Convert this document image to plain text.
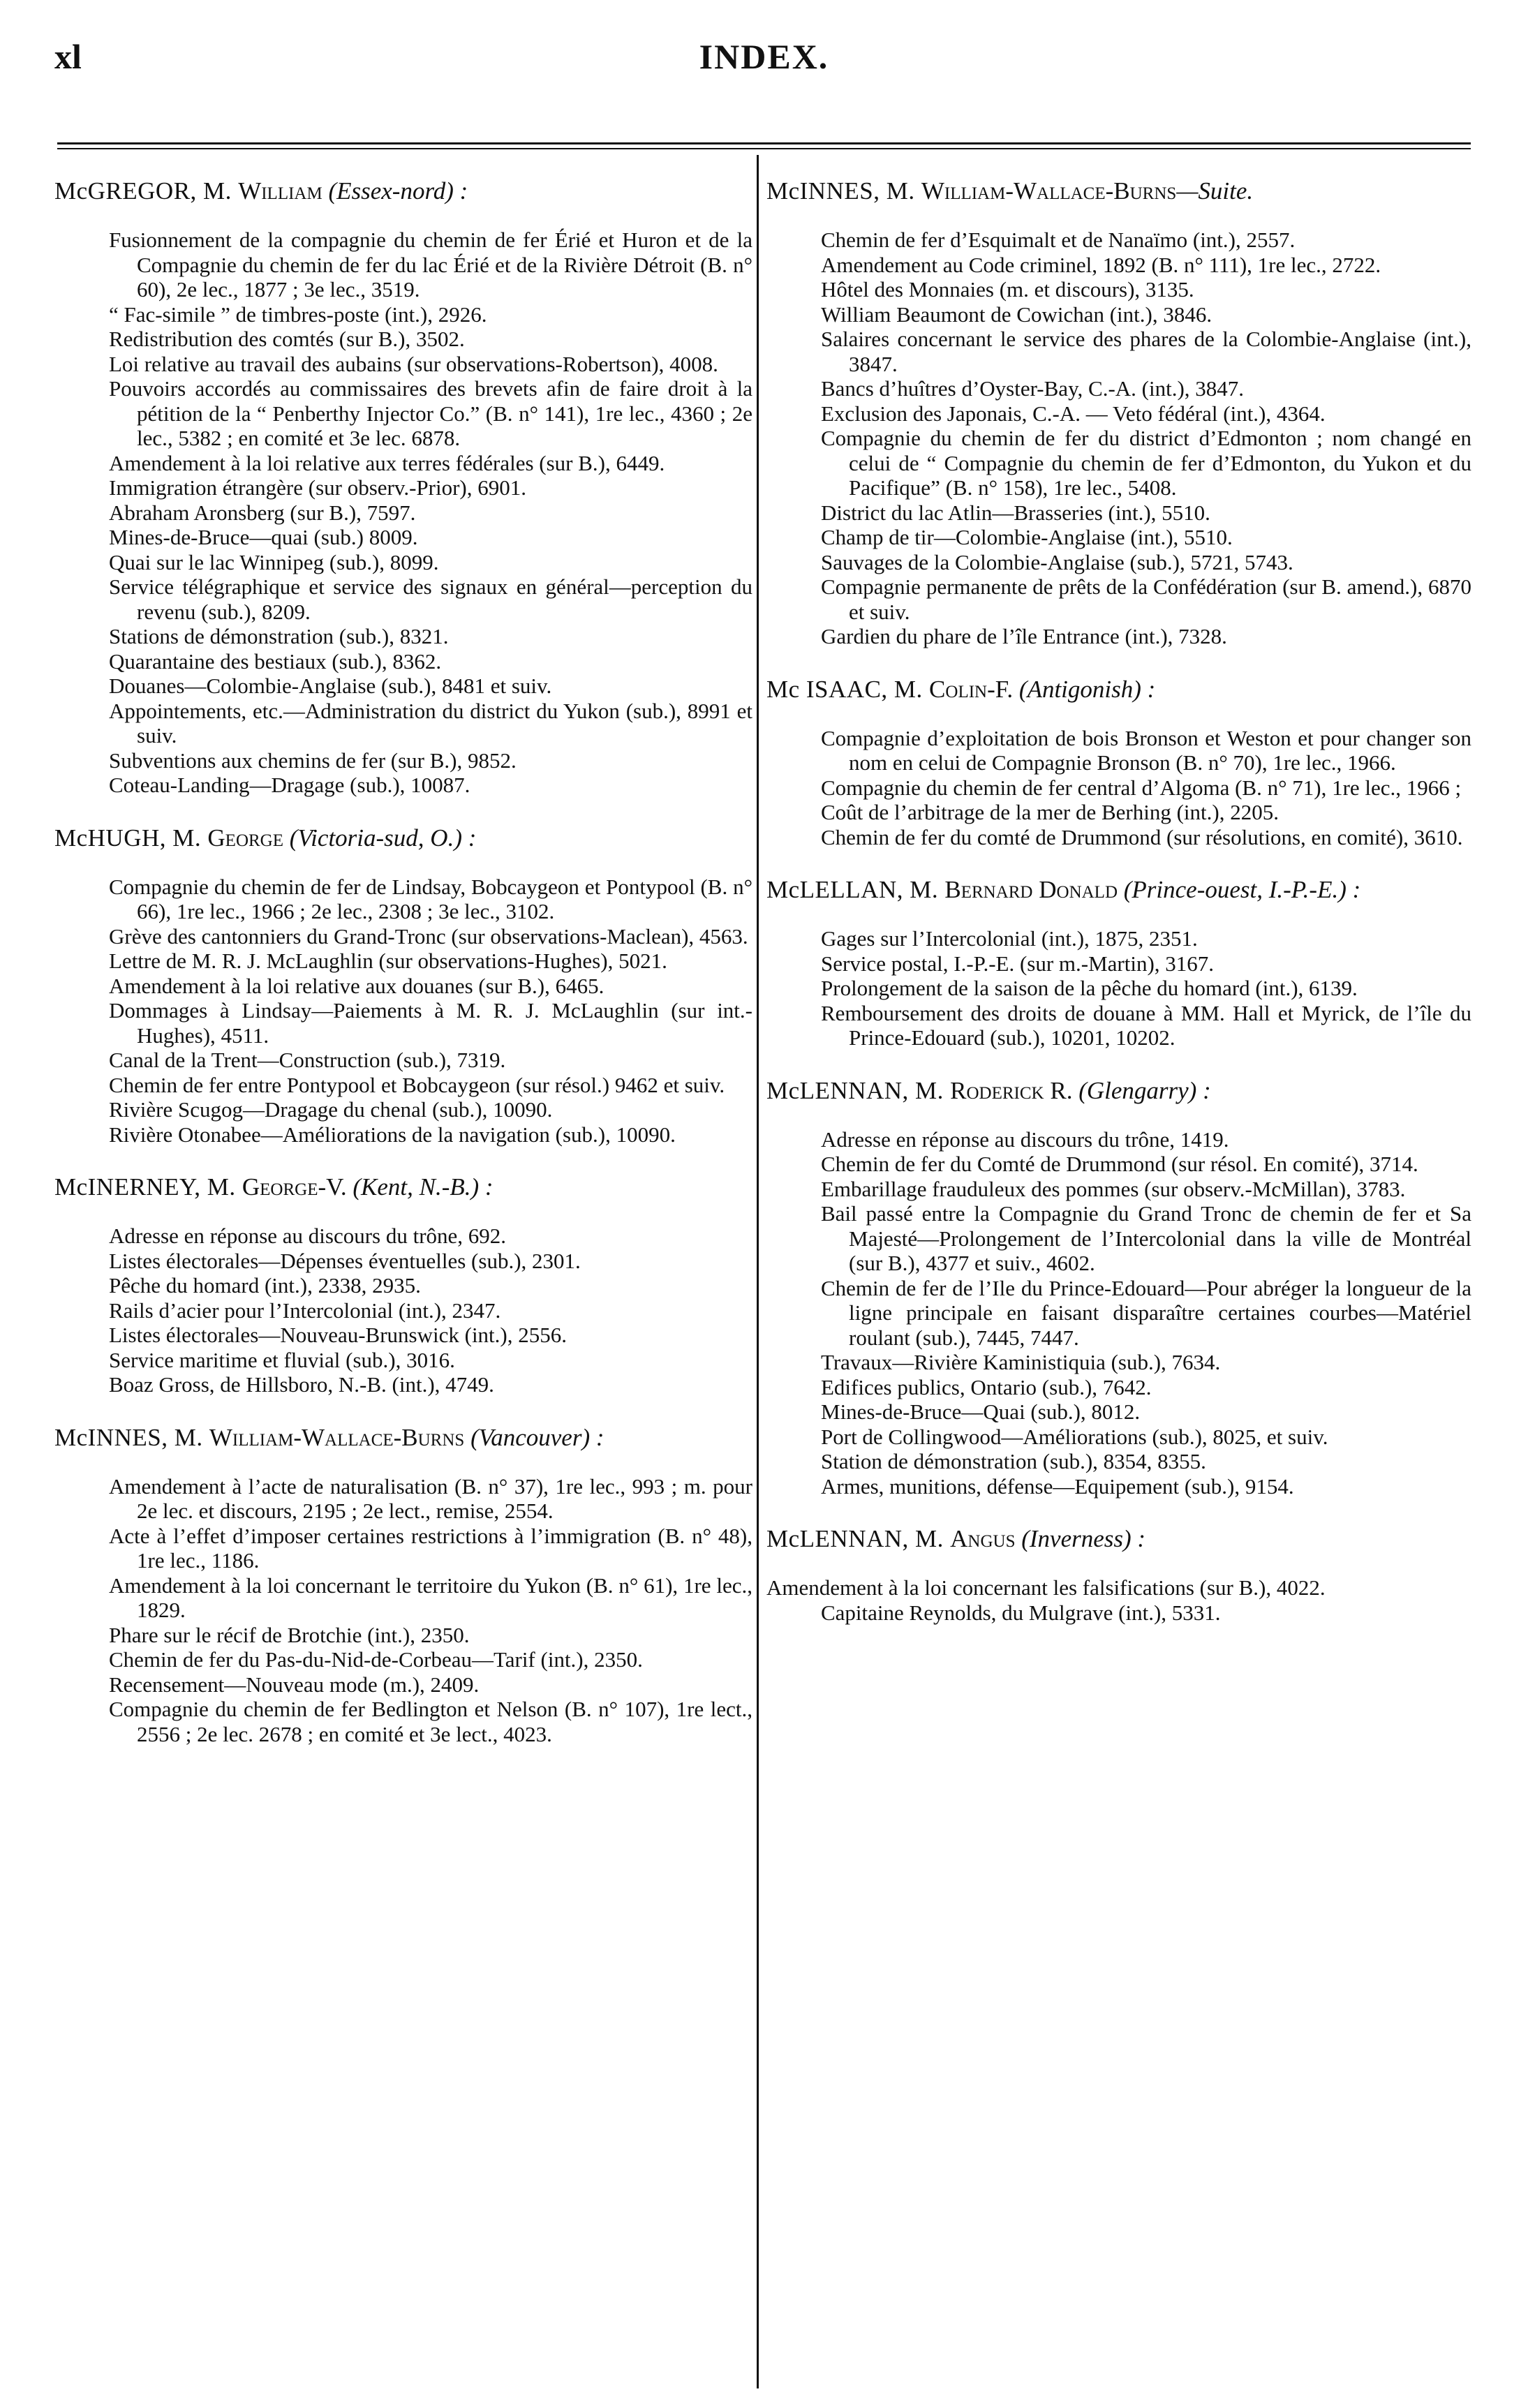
xl	INDEX.
McGREGOR, M. William (Essex-nord) :

Fusionnement de la compagnie du chemin de fer Érié et Huron et de la Compagnie du chemin de fer du lac Érié et de la Rivière Détroit (B. n° 60), 2e lec., 1877 ; 3e lec., 3519.

“ Fac-simile ” de timbres-poste (int.), 2926.

Redistribution des comtés (sur B.), 3502.

Loi relative au travail des aubains (sur observations-Robertson), 4008.

Pouvoirs accordés au commissaires des brevets afin de faire droit à la pétition de la “ Penberthy Injector Co.” (B. n° 141), 1re lec., 4360 ; 2e lec., 5382 ; en comité et 3e lec. 6878.

Amendement à la loi relative aux terres fédérales (sur B.), 6449.

Immigration étrangère (sur observ.-Prior), 6901.

Abraham Aronsberg (sur B.), 7597.

Mines-de-Bruce—quai (sub.) 8009.

Quai sur le lac Winnipeg (sub.), 8099.

Service télégraphique et service des signaux en général—perception du revenu (sub.), 8209.

Stations de démonstration (sub.), 8321.

Quarantaine des bestiaux (sub.), 8362.

Douanes—Colombie-Anglaise (sub.), 8481 et suiv.

Appointements, etc.—Administration du district du Yukon (sub.), 8991 et suiv.

Subventions aux chemins de fer (sur B.), 9852.

Coteau-Landing—Dragage (sub.), 10087.

McHUGH, M. George (Victoria-sud, O.) :

Compagnie du chemin de fer de Lindsay, Bobcaygeon et Pontypool (B. n° 66), 1re lec., 1966 ; 2e lec., 2308 ; 3e lec., 3102.

Grève des cantonniers du Grand-Tronc (sur observations-Maclean), 4563.

Lettre de M. R. J. McLaughlin (sur observations-Hughes), 5021.

Amendement à la loi relative aux douanes (sur B.), 6465.

Dommages à Lindsay—Paiements à M. R. J. McLaughlin (sur int.-Hughes), 4511.

Canal de la Trent—Construction (sub.), 7319.

Chemin de fer entre Pontypool et Bobcaygeon (sur résol.) 9462 et suiv.

Rivière Scugog—Dragage du chenal (sub.), 10090.

Rivière Otonabee—Améliorations de la navigation (sub.), 10090.

McINERNEY, M. George-V. (Kent, N.-B.) :

Adresse en réponse au discours du trône, 692.

Listes électorales—Dépenses éventuelles (sub.), 2301.

Pêche du homard (int.), 2338, 2935.

Rails d’acier pour l’Intercolonial (int.), 2347.

Listes électorales—Nouveau-Brunswick (int.), 2556.

Service maritime et fluvial (sub.), 3016.

Boaz Gross, de Hillsboro, N.-B. (int.), 4749.

McINNES, M. William-Wallace-Burns (Vancouver) :

Amendement à l’acte de naturalisation (B. n° 37), 1re lec., 993 ; m. pour 2e lec. et discours, 2195 ; 2e lect., remise, 2554.

Acte à l’effet d’imposer certaines restrictions à l’immigration (B. n° 48), 1re lec., 1186.

Amendement à la loi concernant le territoire du Yukon (B. n° 61), 1re lec., 1829.

Phare sur le récif de Brotchie (int.), 2350.

Chemin de fer du Pas-du-Nid-de-Corbeau—Tarif (int.), 2350.

Recensement—Nouveau mode (m.), 2409.

Compagnie du chemin de fer Bedlington et Nelson (B. n° 107), 1re lect., 2556 ; 2e lec. 2678 ; en comité et 3e lect., 4023.

McINNES, M. William-Wallace-Burns—Suite.

Chemin de fer d’Esquimalt et de Nanaïmo (int.), 2557.

Amendement au Code criminel, 1892 (B. n° 111), 1re lec., 2722.

Hôtel des Monnaies (m. et discours), 3135.

William Beaumont de Cowichan (int.), 3846.

Salaires concernant le service des phares de la Colombie-Anglaise (int.), 3847.

Bancs d’huîtres d’Oyster-Bay, C.-A. (int.), 3847.

Exclusion des Japonais, C.-A. — Veto fédéral (int.), 4364.

Compagnie du chemin de fer du district d’Edmonton ; nom changé en celui de “ Compagnie du chemin de fer d’Edmonton, du Yukon et du Pacifique” (B. n° 158), 1re lec., 5408.

District du lac Atlin—Brasseries (int.), 5510.

Champ de tir—Colombie-Anglaise (int.), 5510.

Sauvages de la Colombie-Anglaise (sub.), 5721, 5743.

Compagnie permanente de prêts de la Confédération (sur B. amend.), 6870 et suiv.

Gardien du phare de l’île Entrance (int.), 7328.

Mc ISAAC, M. Colin-F. (Antigonish) :

Compagnie d’exploitation de bois Bronson et Weston et pour changer son nom en celui de Compagnie Bronson (B. n° 70), 1re lec., 1966.

Compagnie du chemin de fer central d’Algoma (B. n° 71), 1re lec., 1966 ;

Coût de l’arbitrage de la mer de Berhing (int.), 2205.

Chemin de fer du comté de Drummond (sur résolutions, en comité), 3610.

McLELLAN, M. Bernard Donald (Prince-ouest, I.-P.-E.) :

Gages sur l’Intercolonial (int.), 1875, 2351.

Service postal, I.-P.-E. (sur m.-Martin), 3167.

Prolongement de la saison de la pêche du homard (int.), 6139.

Remboursement des droits de douane à MM. Hall et Myrick, de l’île du Prince-Edouard (sub.), 10201, 10202.

McLENNAN, M. Roderick R. (Glengarry) :

Adresse en réponse au discours du trône, 1419.

Chemin de fer du Comté de Drummond (sur résol. En comité), 3714.

Embarillage frauduleux des pommes (sur observ.-McMillan), 3783.

Bail passé entre la Compagnie du Grand Tronc de chemin de fer et Sa Majesté—Prolongement de l’Intercolonial dans la ville de Montréal (sur B.), 4377 et suiv., 4602.

Chemin de fer de l’Ile du Prince-Edouard—Pour abréger la longueur de la ligne principale en faisant disparaître certaines courbes—Matériel roulant (sub.), 7445, 7447.

Travaux—Rivière Kaministiquia (sub.), 7634.

Edifices publics, Ontario (sub.), 7642.

Mines-de-Bruce—Quai (sub.), 8012.

Port de Collingwood—Améliorations (sub.), 8025, et suiv.

Station de démonstration (sub.), 8354, 8355.

Armes, munitions, défense—Equipement (sub.), 9154.

McLENNAN, M. Angus (Inverness) :

Amendement à la loi concernant les falsifications (sur B.), 4022.

Capitaine Reynolds, du Mulgrave (int.), 5331.
